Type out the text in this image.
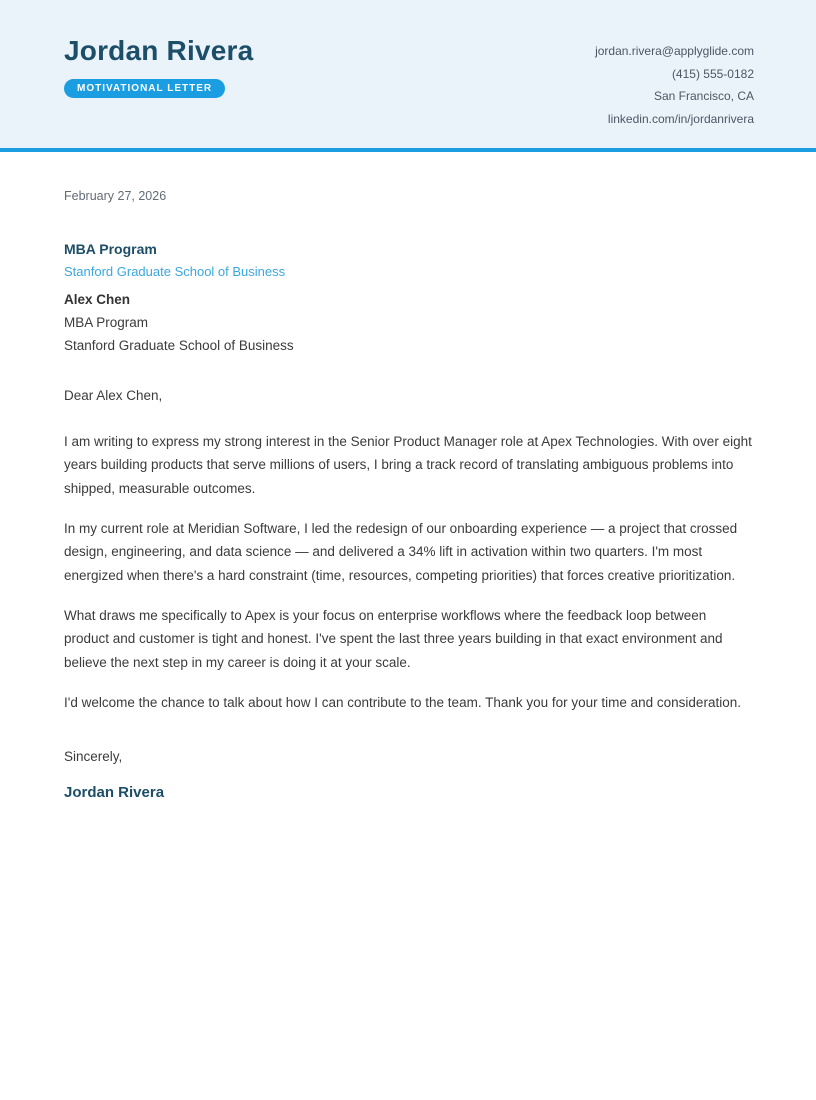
Jordan Rivera
MOTIVATIONAL LETTER
jordan.rivera@applyglide.com
(415) 555-0182
San Francisco, CA
linkedin.com/in/jordanrivera

February 27, 2026

MBA Program

Stanford Graduate School of Business

Alex Chen

MBA Program

Stanford Graduate School of Business

Dear Alex Chen,

I am writing to express my strong interest in the Senior Product Manager role at Apex Technologies. With over eight years building products that serve millions of users, I bring a track record of translating ambiguous problems into shipped, measurable outcomes.

In my current role at Meridian Software, I led the redesign of our onboarding experience — a project that crossed design, engineering, and data science — and delivered a 34% lift in activation within two quarters. I'm most energized when there's a hard constraint (time, resources, competing priorities) that forces creative prioritization.

What draws me specifically to Apex is your focus on enterprise workflows where the feedback loop between product and customer is tight and honest. I've spent the last three years building in that exact environment and believe the next step in my career is doing it at your scale.

I'd welcome the chance to talk about how I can contribute to the team. Thank you for your time and consideration.

Sincerely,

Jordan Rivera
